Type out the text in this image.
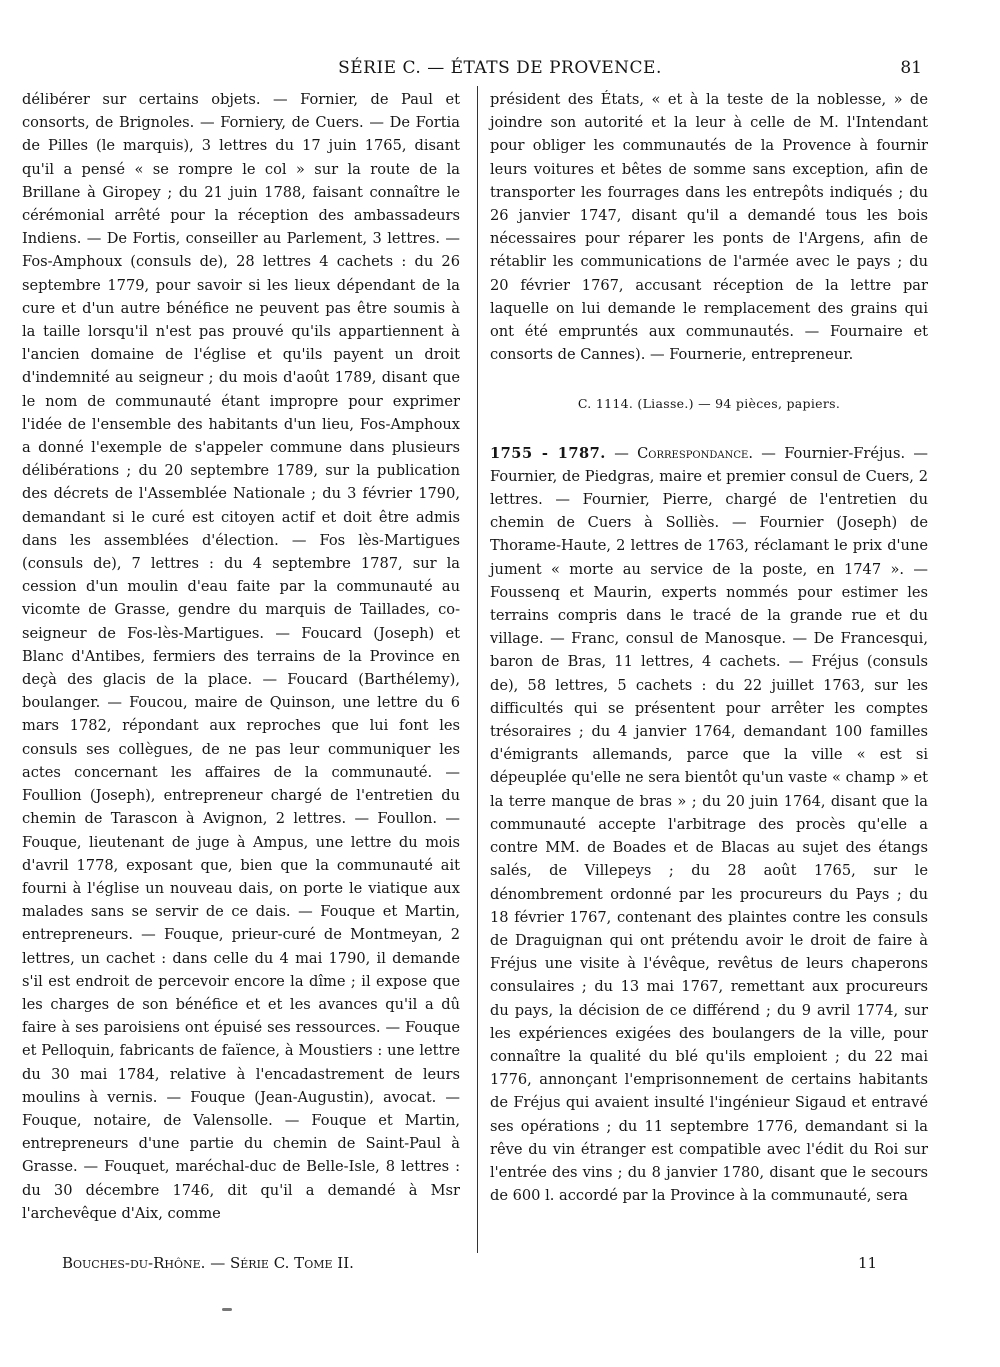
SÉRIE C. — ÉTATS DE PROVENCE.	81

délibérer sur certains objets. — Fornier, de Paul et consorts, de Brignoles. — Forniery, de Cuers. — De Fortia de Pilles (le marquis), 3 lettres du 17 juin 1765, disant qu'il a pensé « se rompre le col » sur la route de la Brillane à Giropey ; du 21 juin 1788, faisant connaître le cérémonial arrêté pour la réception des ambassadeurs Indiens. — De Fortis, conseiller au Parlement, 3 lettres. — Fos-Amphoux (consuls de), 28 lettres 4 cachets : du 26 septembre 1779, pour savoir si les lieux dépendant de la cure et d'un autre bénéfice ne peuvent pas être soumis à la taille lorsqu'il n'est pas prouvé qu'ils appartiennent à l'ancien domaine de l'église et qu'ils payent un droit d'indemnité au seigneur ; du mois d'août 1789, disant que le nom de communauté étant impropre pour exprimer l'idée de l'ensemble des habitants d'un lieu, Fos-Amphoux a donné l'exemple de s'appeler commune dans plusieurs délibérations ; du 20 septembre 1789, sur la publication des décrets de l'Assemblée Nationale ; du 3 février 1790, demandant si le curé est citoyen actif et doit être admis dans les assemblées d'élection. — Fos lès-Martigues (consuls de), 7 lettres : du 4 septembre 1787, sur la cession d'un moulin d'eau faite par la communauté au vicomte de Grasse, gendre du marquis de Taillades, co-seigneur de Fos-lès-Martigues. — Foucard (Joseph) et Blanc d'Antibes, fermiers des terrains de la Province en deçà des glacis de la place. — Foucard (Barthélemy), boulanger. — Foucou, maire de Quinson, une lettre du 6 mars 1782, répondant aux reproches que lui font les consuls ses collègues, de ne pas leur communiquer les actes concernant les affaires de la communauté. — Foullion (Joseph), entrepreneur chargé de l'entretien du chemin de Tarascon à Avignon, 2 lettres. — Foullon. — Fouque, lieutenant de juge à Ampus, une lettre du mois d'avril 1778, exposant que, bien que la communauté ait fourni à l'église un nouveau dais, on porte le viatique aux malades sans se servir de ce dais. — Fouque et Martin, entrepreneurs. — Fouque, prieur-curé de Montmeyan, 2 lettres, un cachet : dans celle du 4 mai 1790, il demande s'il est endroit de percevoir encore la dîme ; il expose que les charges de son bénéfice et et les avances qu'il a dû faire à ses paroisiens ont épuisé ses ressources. — Fouque et Pelloquin, fabricants de faïence, à Moustiers : une lettre du 30 mai 1784, relative à l'encadastrement de leurs moulins à vernis. — Fouque (Jean-Augustin), avocat. — Fouque, notaire, de Valensolle. — Fouque et Martin, entrepreneurs d'une partie du chemin de Saint-Paul à Grasse. — Fouquet, maréchal-duc de Belle-Isle, 8 lettres : du 30 décembre 1746, dit qu'il a demandé à Msr l'archevêque d'Aix, comme

président des États, « et à la teste de la noblesse, » de joindre son autorité et la leur à celle de M. l'Intendant pour obliger les communautés de la Provence à fournir leurs voitures et bêtes de somme sans exception, afin de transporter les fourrages dans les entrepôts indiqués ; du 26 janvier 1747, disant qu'il a demandé tous les bois nécessaires pour réparer les ponts de l'Argens, afin de rétablir les communications de l'armée avec le pays ; du 20 février 1767, accusant réception de la lettre par laquelle on lui demande le remplacement des grains qui ont été empruntés aux communautés. — Fournaire et consorts de Cannes). — Fournerie, entrepreneur.

C. 1114. (Liasse.) — 94 pièces, papiers.

1755 - 1787. — Correspondance. — Fournier-Fréjus. — Fournier, de Piedgras, maire et premier consul de Cuers, 2 lettres. — Fournier, Pierre, chargé de l'entretien du chemin de Cuers à Solliès. — Fournier (Joseph) de Thorame-Haute, 2 lettres de 1763, réclamant le prix d'une jument « morte au service de la poste, en 1747 ». — Foussenq et Maurin, experts nommés pour estimer les terrains compris dans le tracé de la grande rue et du village. — Franc, consul de Manosque. — De Francesqui, baron de Bras, 11 lettres, 4 cachets. — Fréjus (consuls de), 58 lettres, 5 cachets : du 22 juillet 1763, sur les difficultés qui se présentent pour arrêter les comptes trésoraires ; du 4 janvier 1764, demandant 100 familles d'émigrants allemands, parce que la ville « est si dépeuplée qu'elle ne sera bientôt qu'un vaste « champ » et la terre manque de bras » ; du 20 juin 1764, disant que la communauté accepte l'arbitrage des procès qu'elle a contre MM. de Boades et de Blacas au sujet des étangs salés, de Villepeys ; du 28 août 1765, sur le dénombrement ordonné par les procureurs du Pays ; du 18 février 1767, contenant des plaintes contre les consuls de Draguignan qui ont prétendu avoir le droit de faire à Fréjus une visite à l'évêque, revêtus de leurs chaperons consulaires ; du 13 mai 1767, remettant aux procureurs du pays, la décision de ce différend ; du 9 avril 1774, sur les expériences exigées des boulangers de la ville, pour connaître la qualité du blé qu'ils emploient ; du 22 mai 1776, annonçant l'emprisonnement de certains habitants de Fréjus qui avaient insulté l'ingénieur Sigaud et entravé ses opérations ; du 11 septembre 1776, demandant si la rêve du vin étranger est compatible avec l'édit du Roi sur l'entrée des vins ; du 8 janvier 1780, disant que le secours de 600 l. accordé par la Province à la communauté, sera

Bouches-du-Rhône. — Série C. Tome II.	11
